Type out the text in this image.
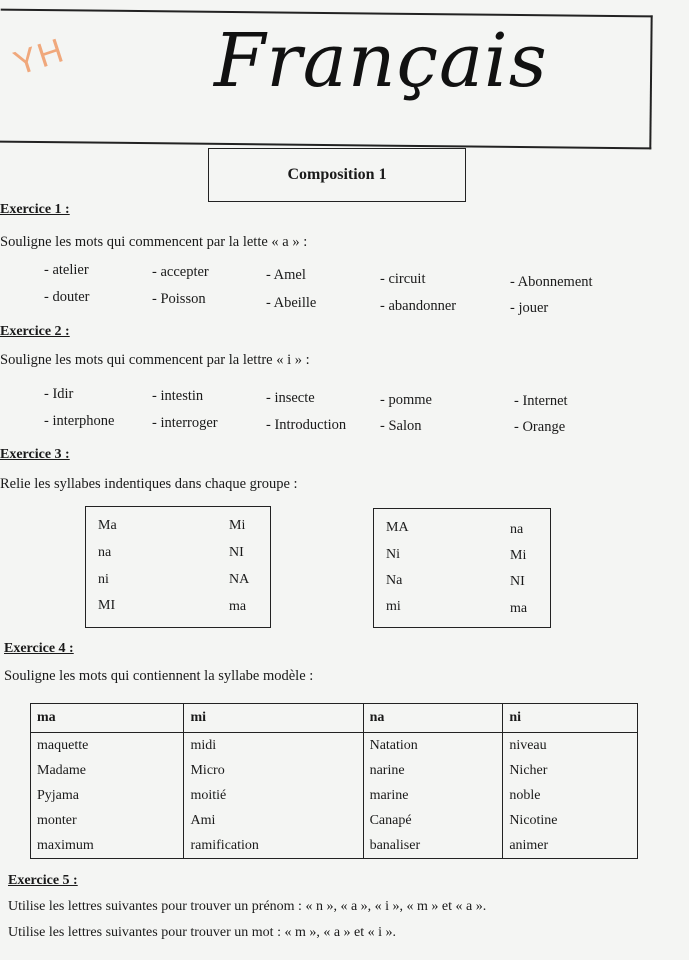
YH Français
Composition 1
Exercice 1 :
Souligne les mots qui commencent par la lette « a » :
- atelier	- accepter	- Amel	- circuit	- Abonnement
- douter	- Poisson	- Abeille	- abandonner	- jouer
Exercice 2 :
Souligne les mots qui commencent par la lettre « i » :
- Idir	- intestin	- insecte	- pomme	- Internet
- interphone	- interroger	- Introduction - Salon	- Orange
Exercice 3 :
Relie les syllabes indentiques dans chaque groupe :
Ma
na
ni
MI
Mi
NI
NA
ma
MA
Ni
Na
mi
na
Mi
NI
ma
Exercice 4 :
Souligne les mots qui contiennent la syllabe modèle :
ma	mi	na	ni
maquette	midi	Natation	niveau
Madame	Micro	narine	Nicher
Pyjama	moitié	marine	noble
monter	Ami	Canapé	Nicotine
maximum	ramification	banaliser	animer
Exercice 5 :
Utilise les lettres suivantes pour trouver un prénom : « n », « a », « i », « m » et « a ».
Utilise les lettres suivantes pour trouver un mot : « m », « a » et « i ».
